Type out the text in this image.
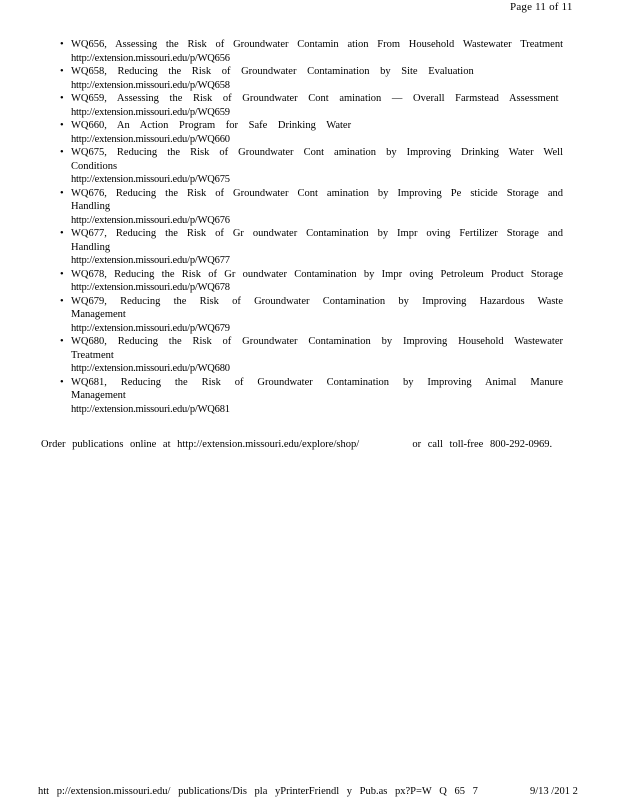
Page 11 of 11
• WQ656, Assessing the Risk of Groundwater Contamin ation From Household Wastewater Treatment
http://extension.missouri.edu/p/WQ656
• WQ658, Reducing the Risk of Groundwater Contamination by Site Evaluation
http://extension.missouri.edu/p/WQ658
• WQ659, Assessing the Risk of Groundwater Cont amination — Overall Farmstead Assessment
http://extension.missouri.edu/p/WQ659
• WQ660, An Action Program for Safe Drinking Water
http://extension.missouri.edu/p/WQ660
• WQ675, Reducing the Risk of Groundwater Cont amination by Improving Drinking Water Well
Conditions
http://extension.missouri.edu/p/WQ675
• WQ676, Reducing the Risk of Groundwater Cont amination by Improving Pe sticide Storage and
Handling
http://extension.missouri.edu/p/WQ676
• WQ677, Reducing the Risk of Gr oundwater Contamination by Impr oving Fertilizer Storage and
Handling
http://extension.missouri.edu/p/WQ677
• WQ678, Reducing the Risk of Gr oundwater Contamination by Impr oving Petroleum Product Storage
http://extension.missouri.edu/p/WQ678
• WQ679, Reducing the Risk of Groundwater Contamination by Improving Hazardous Waste
Management
http://extension.missouri.edu/p/WQ679
• WQ680, Reducing the Risk of Groundwater Contamination by Improving Household Wastewater
Treatment
http://extension.missouri.edu/p/WQ680
• WQ681, Reducing the Risk of Groundwater Contamination by Improving Animal Manure
Management
http://extension.missouri.edu/p/WQ681
Order publications online at http://extension.missouri.edu/explore/shop/	or call toll-free 800-292-0969.
htt p://extension.missouri.edu/ publications/Dis pla yPrinterFriendl y Pub.as px?P=W Q 65 7	9/13 /201 2
